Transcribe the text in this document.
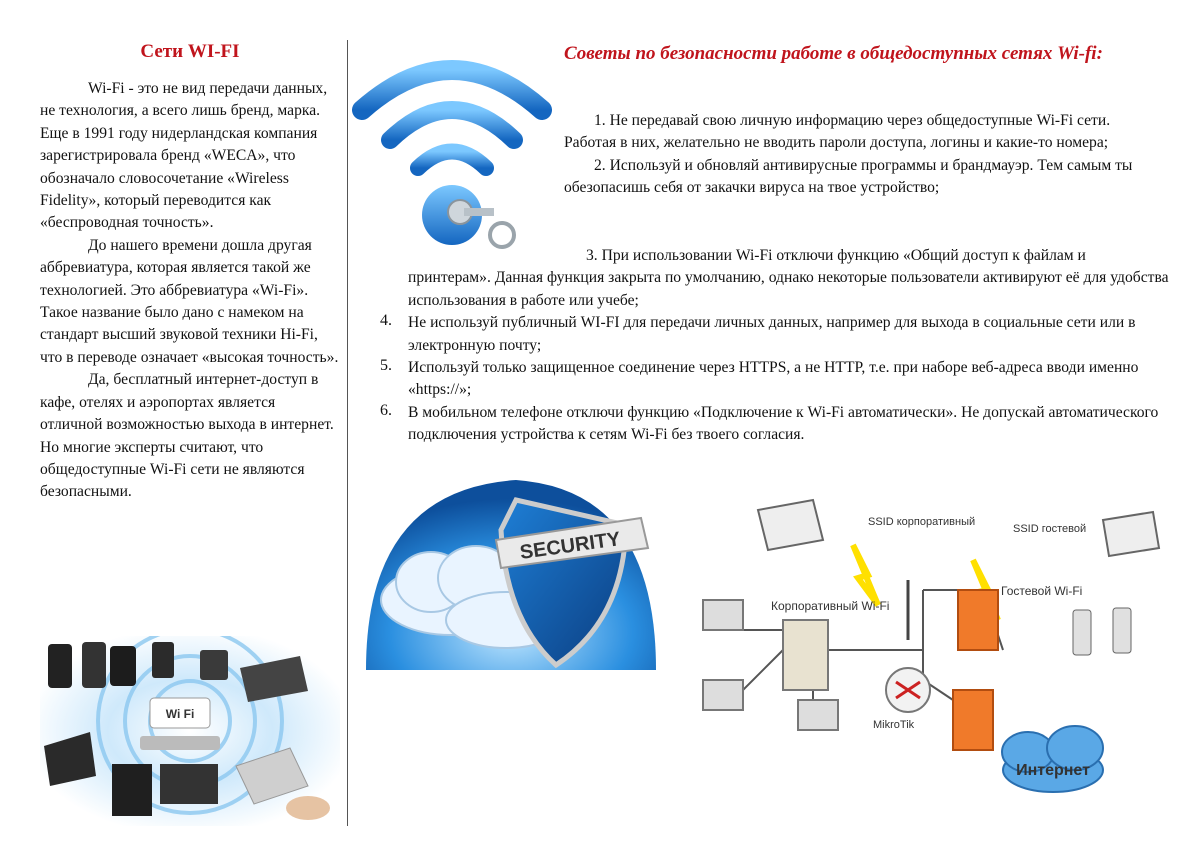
Сети WI-FI

Wi-Fi - это не вид передачи данных, не технология, а всего лишь бренд, марка. Еще в 1991 году нидерландская компания зарегистрировала бренд «WECA», что обозначало словосочетание «Wireless Fidelity», который переводится как «беспроводная точность».

До нашего времени дошла другая аббревиатура, которая является такой же технологией. Это аббревиатура «Wi-Fi». Такое название было дано с намеком на стандарт высший звуковой техники Hi-Fi, что в переводе означает «высокая точность».

Да, бесплатный интернет-доступ в кафе, отелях и аэропортах является отличной возможностью выхода в интернет. Но многие эксперты считают, что общедоступные Wi-Fi сети не являются безопасными.

Wi Fi
Советы по безопасности работе в общедоступных сетях Wi-fi:

1. Не передавай свою личную информацию через общедоступные Wi-Fi сети. Работая в них, желательно не вводить пароли доступа, логины и какие-то номера;

2. Используй и обновляй антивирусные программы и брандмауэр. Тем самым ты обезопасишь себя от закачки вируса на твое устройство;

3. При использовании Wi-Fi отключи функцию «Общий доступ к файлам и принтерам». Данная функция закрыта по умолчанию, однако некоторые пользователи активируют её для удобства использования в работе или учебе;

4.	Не используй публичный WI-FI для передачи личных данных, например для выхода в социальные сети или в электронную почту;

5.	Используй только защищенное соединение через HTTPS, а не HTTP, т.е. при наборе веб-адреса вводи именно «https://»;

6.	В мобильном телефоне отключи функцию «Подключение к Wi-Fi автоматически». Не допускай автоматического подключения устройства к сетям Wi-Fi без твоего согласия.

SECURITY
SSID корпоративный
SSID гостевой
Корпоративный Wi-Fi
Гостевой Wi-Fi
MikroTik
Интернет
